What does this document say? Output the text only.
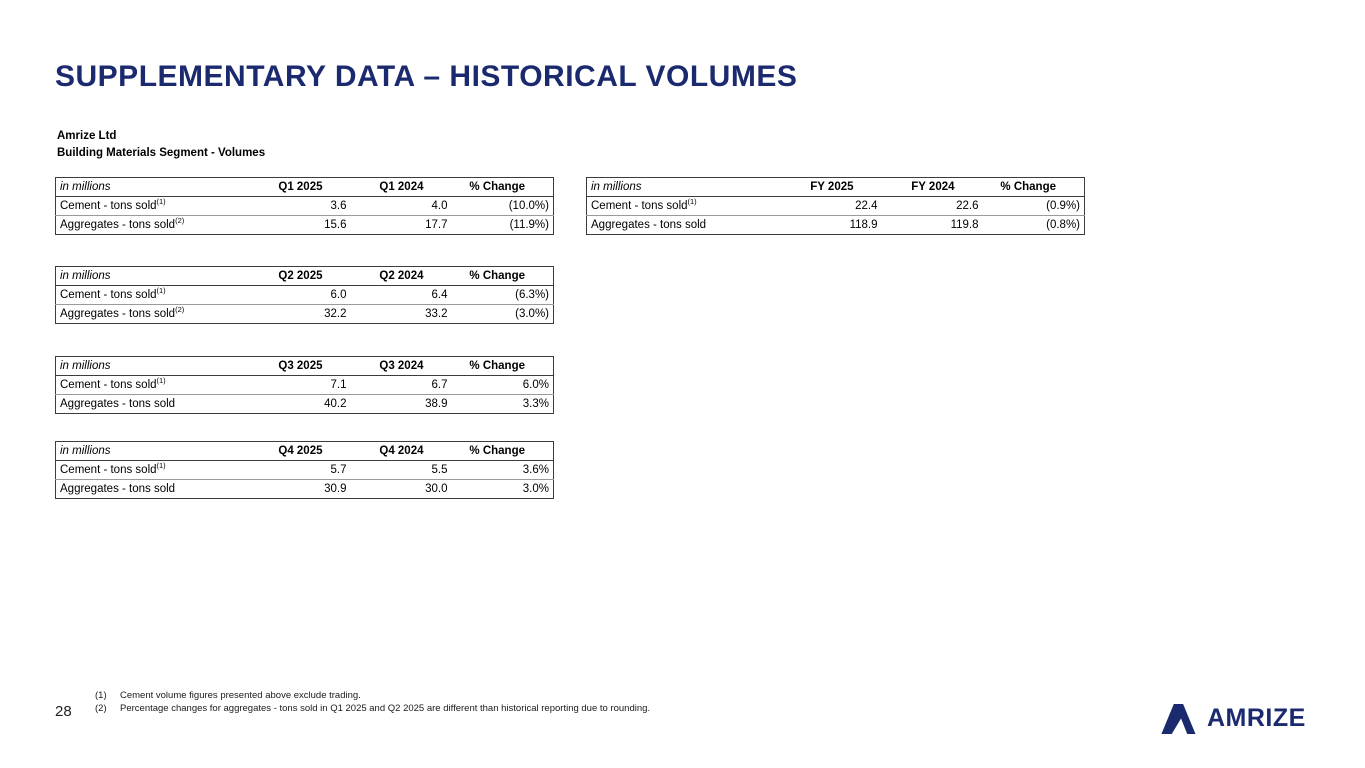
SUPPLEMENTARY DATA – HISTORICAL VOLUMES
Amrize Ltd
Building Materials Segment - Volumes
in millions	Q1 2025	Q1 2024	% Change
Cement - tons sold$^{(1)}$	3.6	4.0	(10.0%)
Aggregates - tons sold$^{(2)}$	15.6	17.7	(11.9%)
in millions	Q2 2025	Q2 2024	% Change
Cement - tons sold$^{(1)}$	6.0	6.4	(6.3%)
Aggregates - tons sold$^{(2)}$	32.2	33.2	(3.0%)
in millions	Q3 2025	Q3 2024	% Change
Cement - tons sold$^{(1)}$	7.1	6.7	6.0%
Aggregates - tons sold	40.2	38.9	3.3%
in millions	Q4 2025	Q4 2024	% Change
Cement - tons sold$^{(1)}$	5.7	5.5	3.6%
Aggregates - tons sold	30.9	30.0	3.0%
in millions	FY 2025	FY 2024	% Change
Cement - tons sold$^{(1)}$	22.4	22.6	(0.9%)
Aggregates - tons sold	118.9	119.8	(0.8%)
(1)	Cement volume figures presented above exclude trading.
(2)	Percentage changes for aggregates - tons sold in Q1 2025 and Q2 2025 are different than historical reporting due to rounding.
28	AMRIZE
